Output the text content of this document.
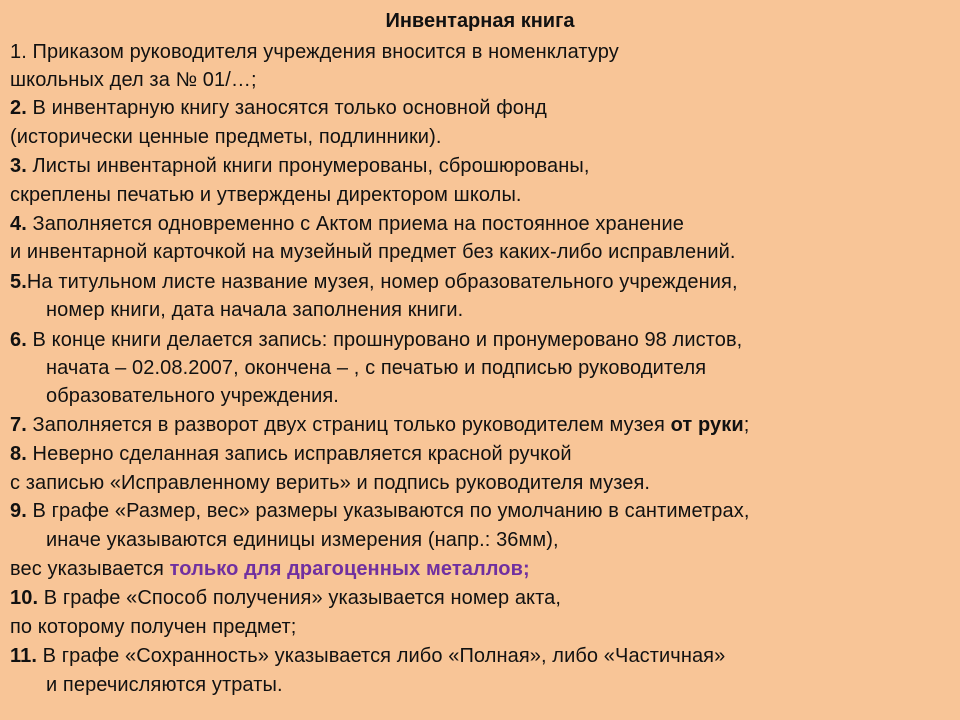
Инвентарная книга
1. Приказом руководителя учреждения вносится в номенклатуру
школьных дел за № 01/…;
2. В инвентарную книгу заносятся только основной фонд
(исторически ценные предметы, подлинники).
3. Листы инвентарной книги пронумерованы, сброшюрованы,
скреплены печатью и утверждены директором школы.
4. Заполняется одновременно с Актом приема на постоянное хранение
и инвентарной карточкой на музейный предмет без каких-либо исправлений.
5.На титульном листе название музея, номер образовательного учреждения,
номер книги, дата начала заполнения книги.
6. В конце книги делается запись: прошнуровано и пронумеровано 98 листов,
начата – 02.08.2007, окончена – , с печатью и подписью руководителя
образовательного учреждения.
7. Заполняется в разворот двух страниц только руководителем музея от руки;
8. Неверно сделанная запись исправляется красной ручкой
с записью «Исправленному верить» и подпись руководителя музея.
9. В графе «Размер, вес» размеры указываются по умолчанию в сантиметрах,
иначе указываются единицы измерения (напр.: 36мм),
вес указывается только для драгоценных металлов;
10. В графе «Способ получения» указывается номер акта,
по которому получен предмет;
11. В графе «Сохранность» указывается либо «Полная», либо «Частичная»
и перечисляются утраты.
